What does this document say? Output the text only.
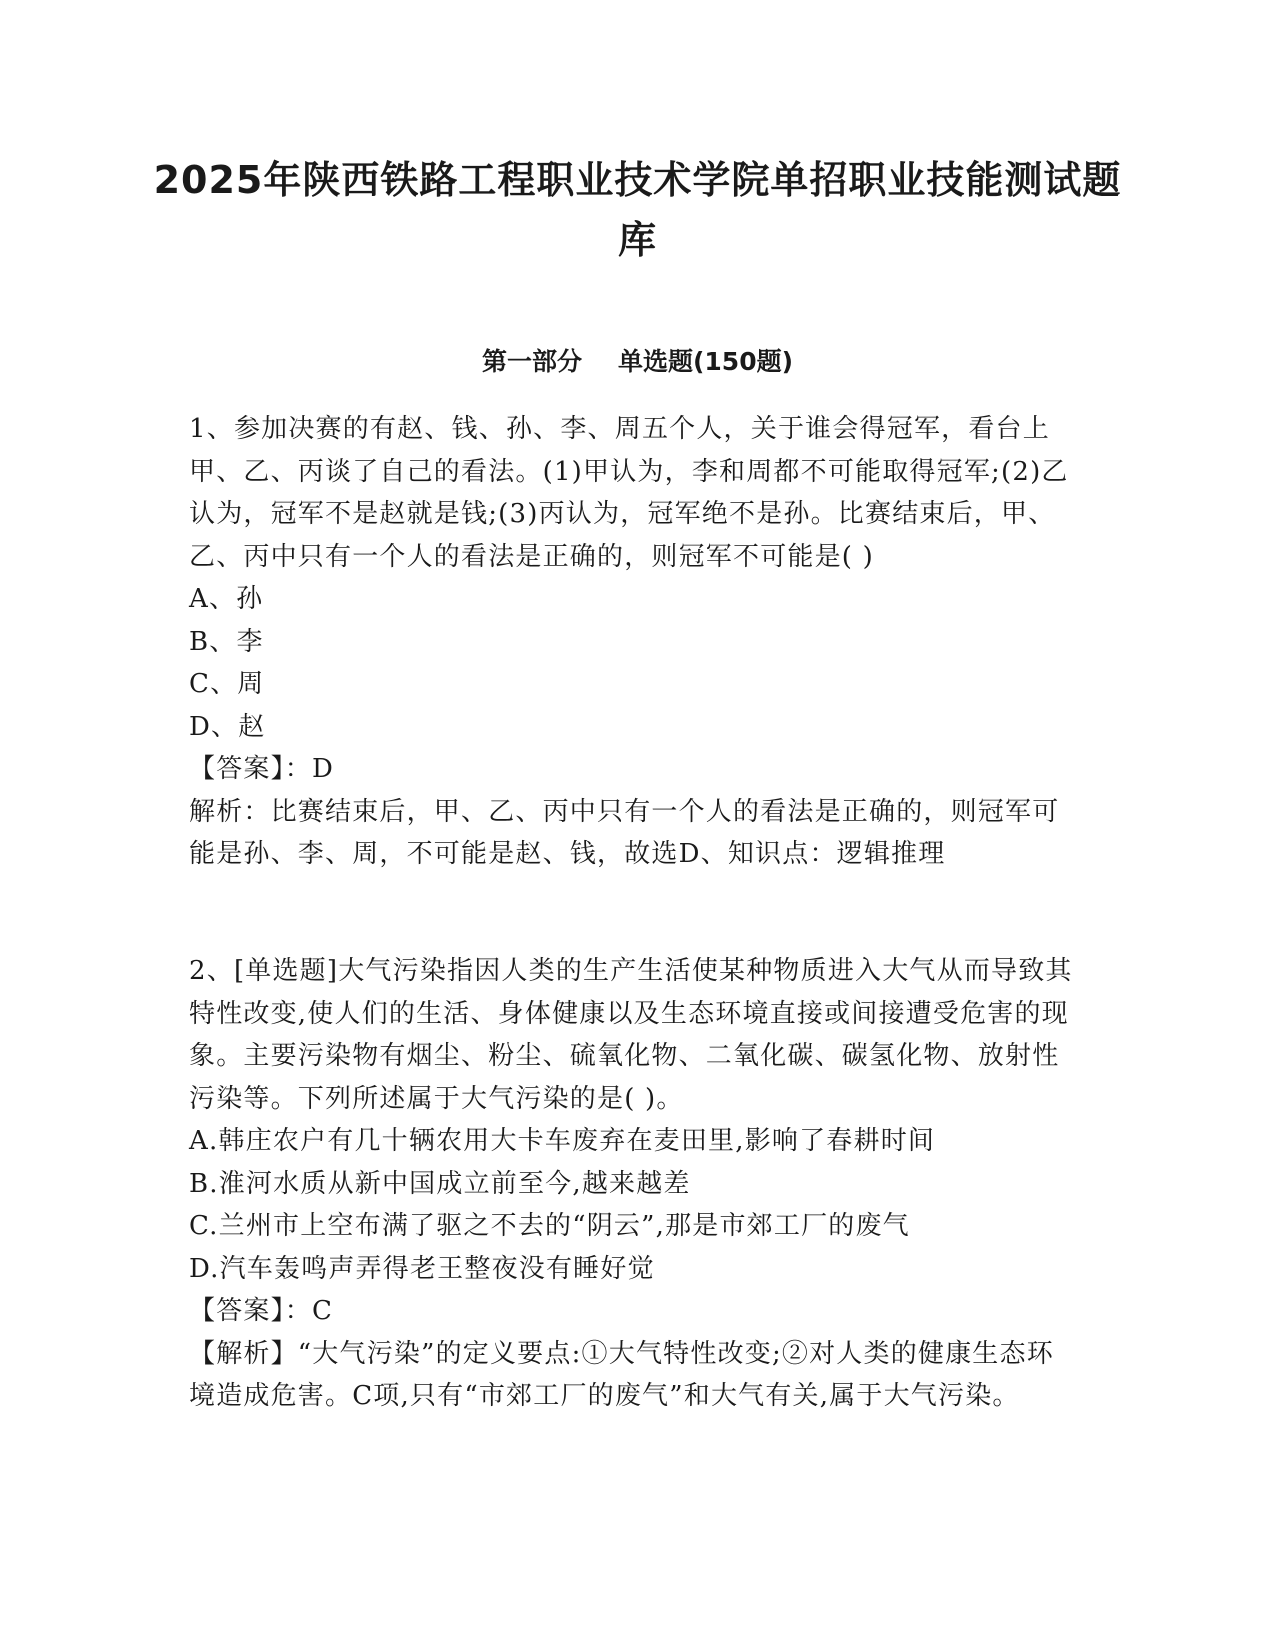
2025年陕西铁路工程职业技术学院单招职业技能测试题库
第一部分 单选题(150题)

1、参加决赛的有赵、钱、孙、李、周五个人，关于谁会得冠军，看台上甲、乙、丙谈了自己的看法。(1)甲认为，李和周都不可能取得冠军;(2)乙认为，冠军不是赵就是钱;(3)丙认为，冠军绝不是孙。比赛结束后，甲、乙、丙中只有一个人的看法是正确的，则冠军不可能是( )

A、孙

B、李

C、周

D、赵

【答案】：D

解析：比赛结束后，甲、乙、丙中只有一个人的看法是正确的，则冠军可能是孙、李、周，不可能是赵、钱，故选D、知识点：逻辑推理

2、[单选题]大气污染指因人类的生产生活使某种物质进入大气从而导致其特性改变,使人们的生活、身体健康以及生态环境直接或间接遭受危害的现象。主要污染物有烟尘、粉尘、硫氧化物、二氧化碳、碳氢化物、放射性污染等。下列所述属于大气污染的是( )。

A.韩庄农户有几十辆农用大卡车废弃在麦田里,影响了春耕时间

B.淮河水质从新中国成立前至今,越来越差

C.兰州市上空布满了驱之不去的“阴云”,那是市郊工厂的废气

D.汽车轰鸣声弄得老王整夜没有睡好觉

【答案】：C

【解析】“大气污染”的定义要点:①大气特性改变;②对人类的健康生态环境造成危害。C项,只有“市郊工厂的废气”和大气有关,属于大气污染。
